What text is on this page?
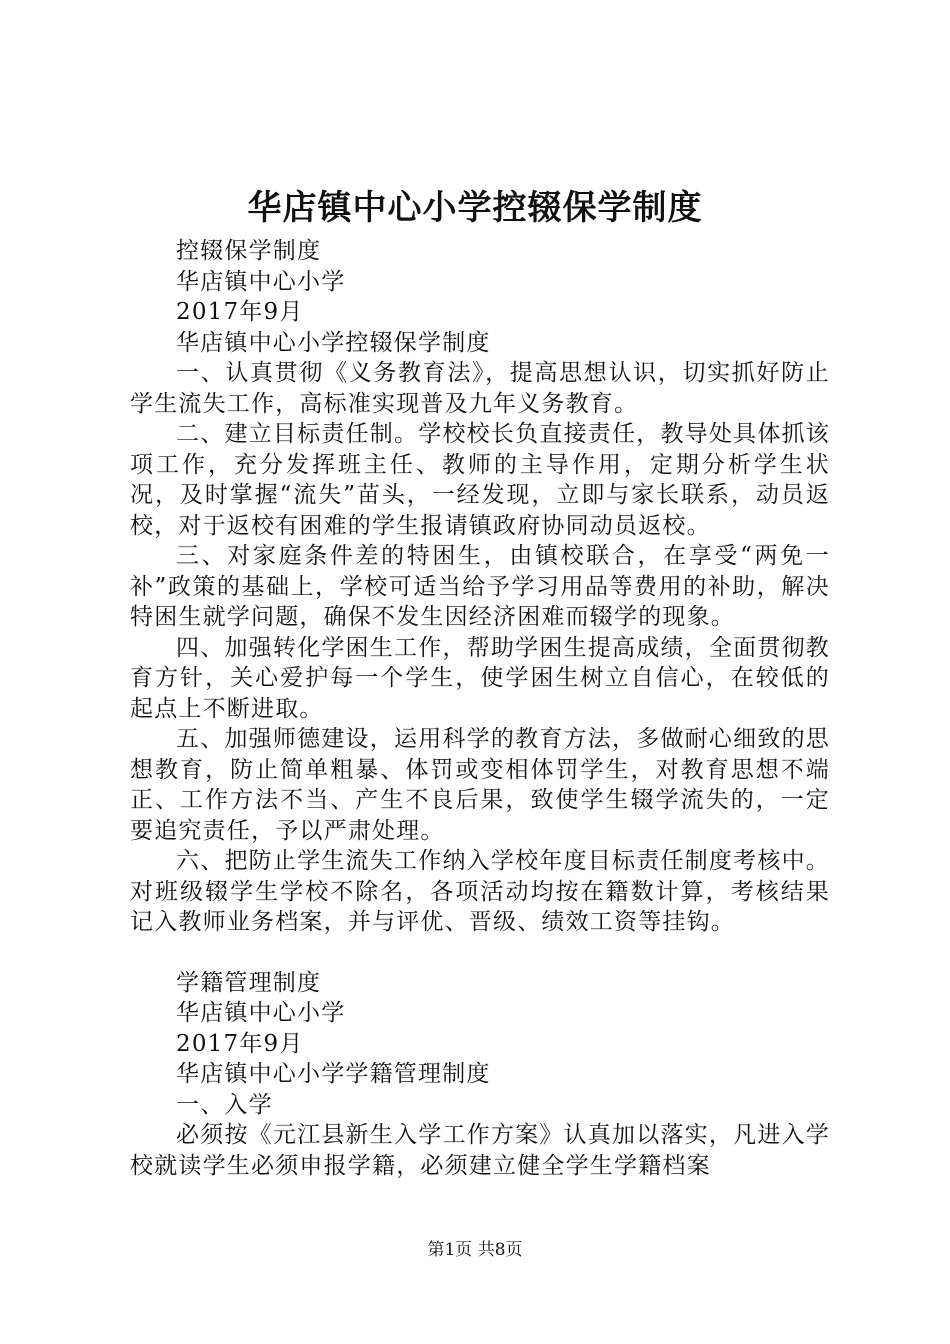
华店镇中心小学控辍保学制度

控辍保学制度

华店镇中心小学

2017年9月

华店镇中心小学控辍保学制度

一、认真贯彻《义务教育法》，提高思想认识，切实抓好防止学生流失工作，高标准实现普及九年义务教育。

二、建立目标责任制。学校校长负直接责任，教导处具体抓该项工作，充分发挥班主任、教师的主导作用，定期分析学生状况，及时掌握“流失”苗头，一经发现，立即与家长联系，动员返校，对于返校有困难的学生报请镇政府协同动员返校。

三、对家庭条件差的特困生，由镇校联合，在享受“两免一补”政策的基础上，学校可适当给予学习用品等费用的补助，解决特困生就学问题，确保不发生因经济困难而辍学的现象。

四、加强转化学困生工作，帮助学困生提高成绩，全面贯彻教育方针，关心爱护每一个学生，使学困生树立自信心，在较低的起点上不断进取。

五、加强师德建设，运用科学的教育方法，多做耐心细致的思想教育，防止简单粗暴、体罚或变相体罚学生，对教育思想不端正、工作方法不当、产生不良后果，致使学生辍学流失的，一定要追究责任，予以严肃处理。

六、把防止学生流失工作纳入学校年度目标责任制度考核中。对班级辍学生学校不除名，各项活动均按在籍数计算，考核结果记入教师业务档案，并与评优、晋级、绩效工资等挂钩。

学籍管理制度

华店镇中心小学

2017年9月

华店镇中心小学学籍管理制度

一、入学

必须按《元江县新生入学工作方案》认真加以落实，凡进入学校就读学生必须申报学籍，必须建立健全学生学籍档案

第1页 共8页
